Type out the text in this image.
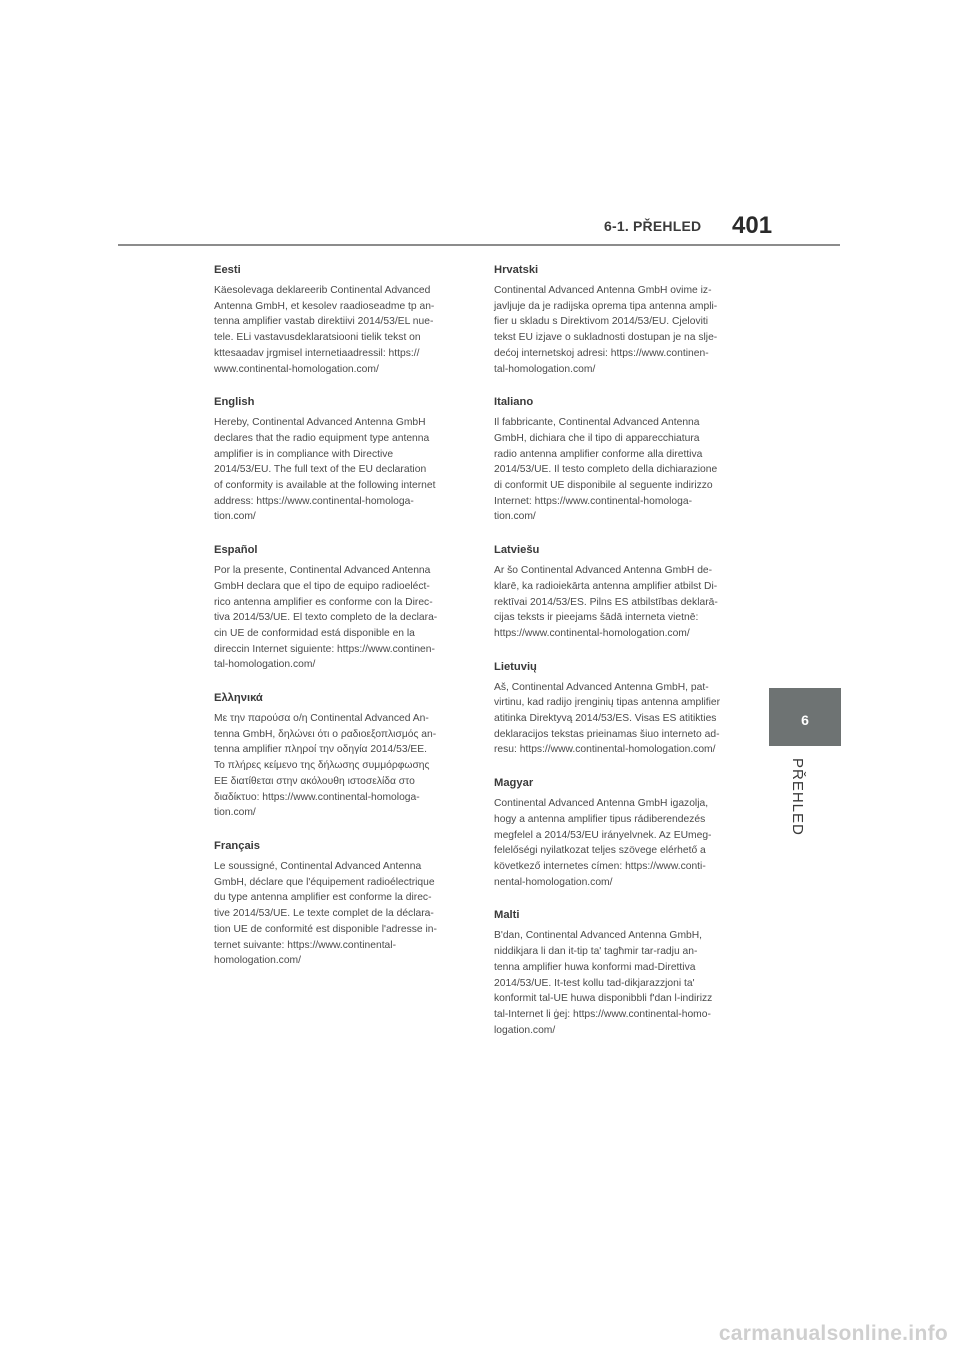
6-1. PŘEHLED 401
6
PŘEHLED

Eesti

Käesolevaga deklareerib Continental Advanced
Antenna GmbH, et kesolev raadioseadme tp an-
tenna amplifier vastab direktiivi 2014/53/EL nue-
tele. ELi vastavusdeklaratsiooni tielik tekst on
kttesaadav jrgmisel internetiaadressil: https://
www.continental-homologation.com/

English

Hereby, Continental Advanced Antenna GmbH
declares that the radio equipment type antenna
amplifier is in compliance with Directive
2014/53/EU. The full text of the EU declaration
of conformity is available at the following internet
address: https://www.continental-homologa-
tion.com/

Español

Por la presente, Continental Advanced Antenna
GmbH declara que el tipo de equipo radioeléct-
rico antenna amplifier es conforme con la Direc-
tiva 2014/53/UE. El texto completo de la declara-
cin UE de conformidad está disponible en la
direccin Internet siguiente: https://www.continen-
tal-homologation.com/

Ελληνικά

Με την παρούσα ο/η Continental Advanced An-
tenna GmbH, δηλώνει ότι ο ραδιοεξοπλισμός an-
tenna amplifier πληροί την οδηγία 2014/53/ΕΕ.
Το πλήρες κείμενο της δήλωσης συμμόρφωσης
ΕΕ διατίθεται στην ακόλουθη ιστοσελίδα στο
διαδίκτυο: https://www.continental-homologa-
tion.com/

Français

Le soussigné, Continental Advanced Antenna
GmbH, déclare que l'équipement radioélectrique
du type antenna amplifier est conforme la direc-
tive 2014/53/UE. Le texte complet de la déclara-
tion UE de conformité est disponible l'adresse in-
ternet suivante: https://www.continental-
homologation.com/

Hrvatski

Continental Advanced Antenna GmbH ovime iz-
javljuje da je radijska oprema tipa antenna ampli-
fier u skladu s Direktivom 2014/53/EU. Cjeloviti
tekst EU izjave o sukladnosti dostupan je na slje-
dećoj internetskoj adresi: https://www.continen-
tal-homologation.com/

Italiano

Il fabbricante, Continental Advanced Antenna
GmbH, dichiara che il tipo di apparecchiatura
radio antenna amplifier conforme alla direttiva
2014/53/UE. Il testo completo della dichiarazione
di conformit UE disponibile al seguente indirizzo
Internet: https://www.continental-homologa-
tion.com/

Latviešu

Ar šo Continental Advanced Antenna GmbH de-
klarē, ka radioiekārta antenna amplifier atbilst Di-
rektīvai 2014/53/ES. Pilns ES atbilstības deklarā-
cijas teksts ir pieejams šādā interneta vietnē:
https://www.continental-homologation.com/

Lietuvių

Aš, Continental Advanced Antenna GmbH, pat-
virtinu, kad radijo įrenginių tipas antenna amplifier
atitinka Direktyvą 2014/53/ES. Visas ES atitikties
deklaracijos tekstas prieinamas šiuo interneto ad-
resu: https://www.continental-homologation.com/

Magyar

Continental Advanced Antenna GmbH igazolja,
hogy a antenna amplifier tipus rádiberendezés
megfelel a 2014/53/EU irányelvnek. Az EUmeg-
felelőségi nyilatkozat teljes szövege elérhető a
következő internetes címen: https://www.conti-
nental-homologation.com/

Malti

B'dan, Continental Advanced Antenna GmbH,
niddikjara li dan it-tip ta' tagħmir tar-radju an-
tenna amplifier huwa konformi mad-Direttiva
2014/53/UE. It-test kollu tad-dikjarazzjoni ta'
konformit tal-UE huwa disponibbli f'dan l-indirizz
tal-Internet li ġej: https://www.continental-homo-
logation.com/

carmanualsonline.info
